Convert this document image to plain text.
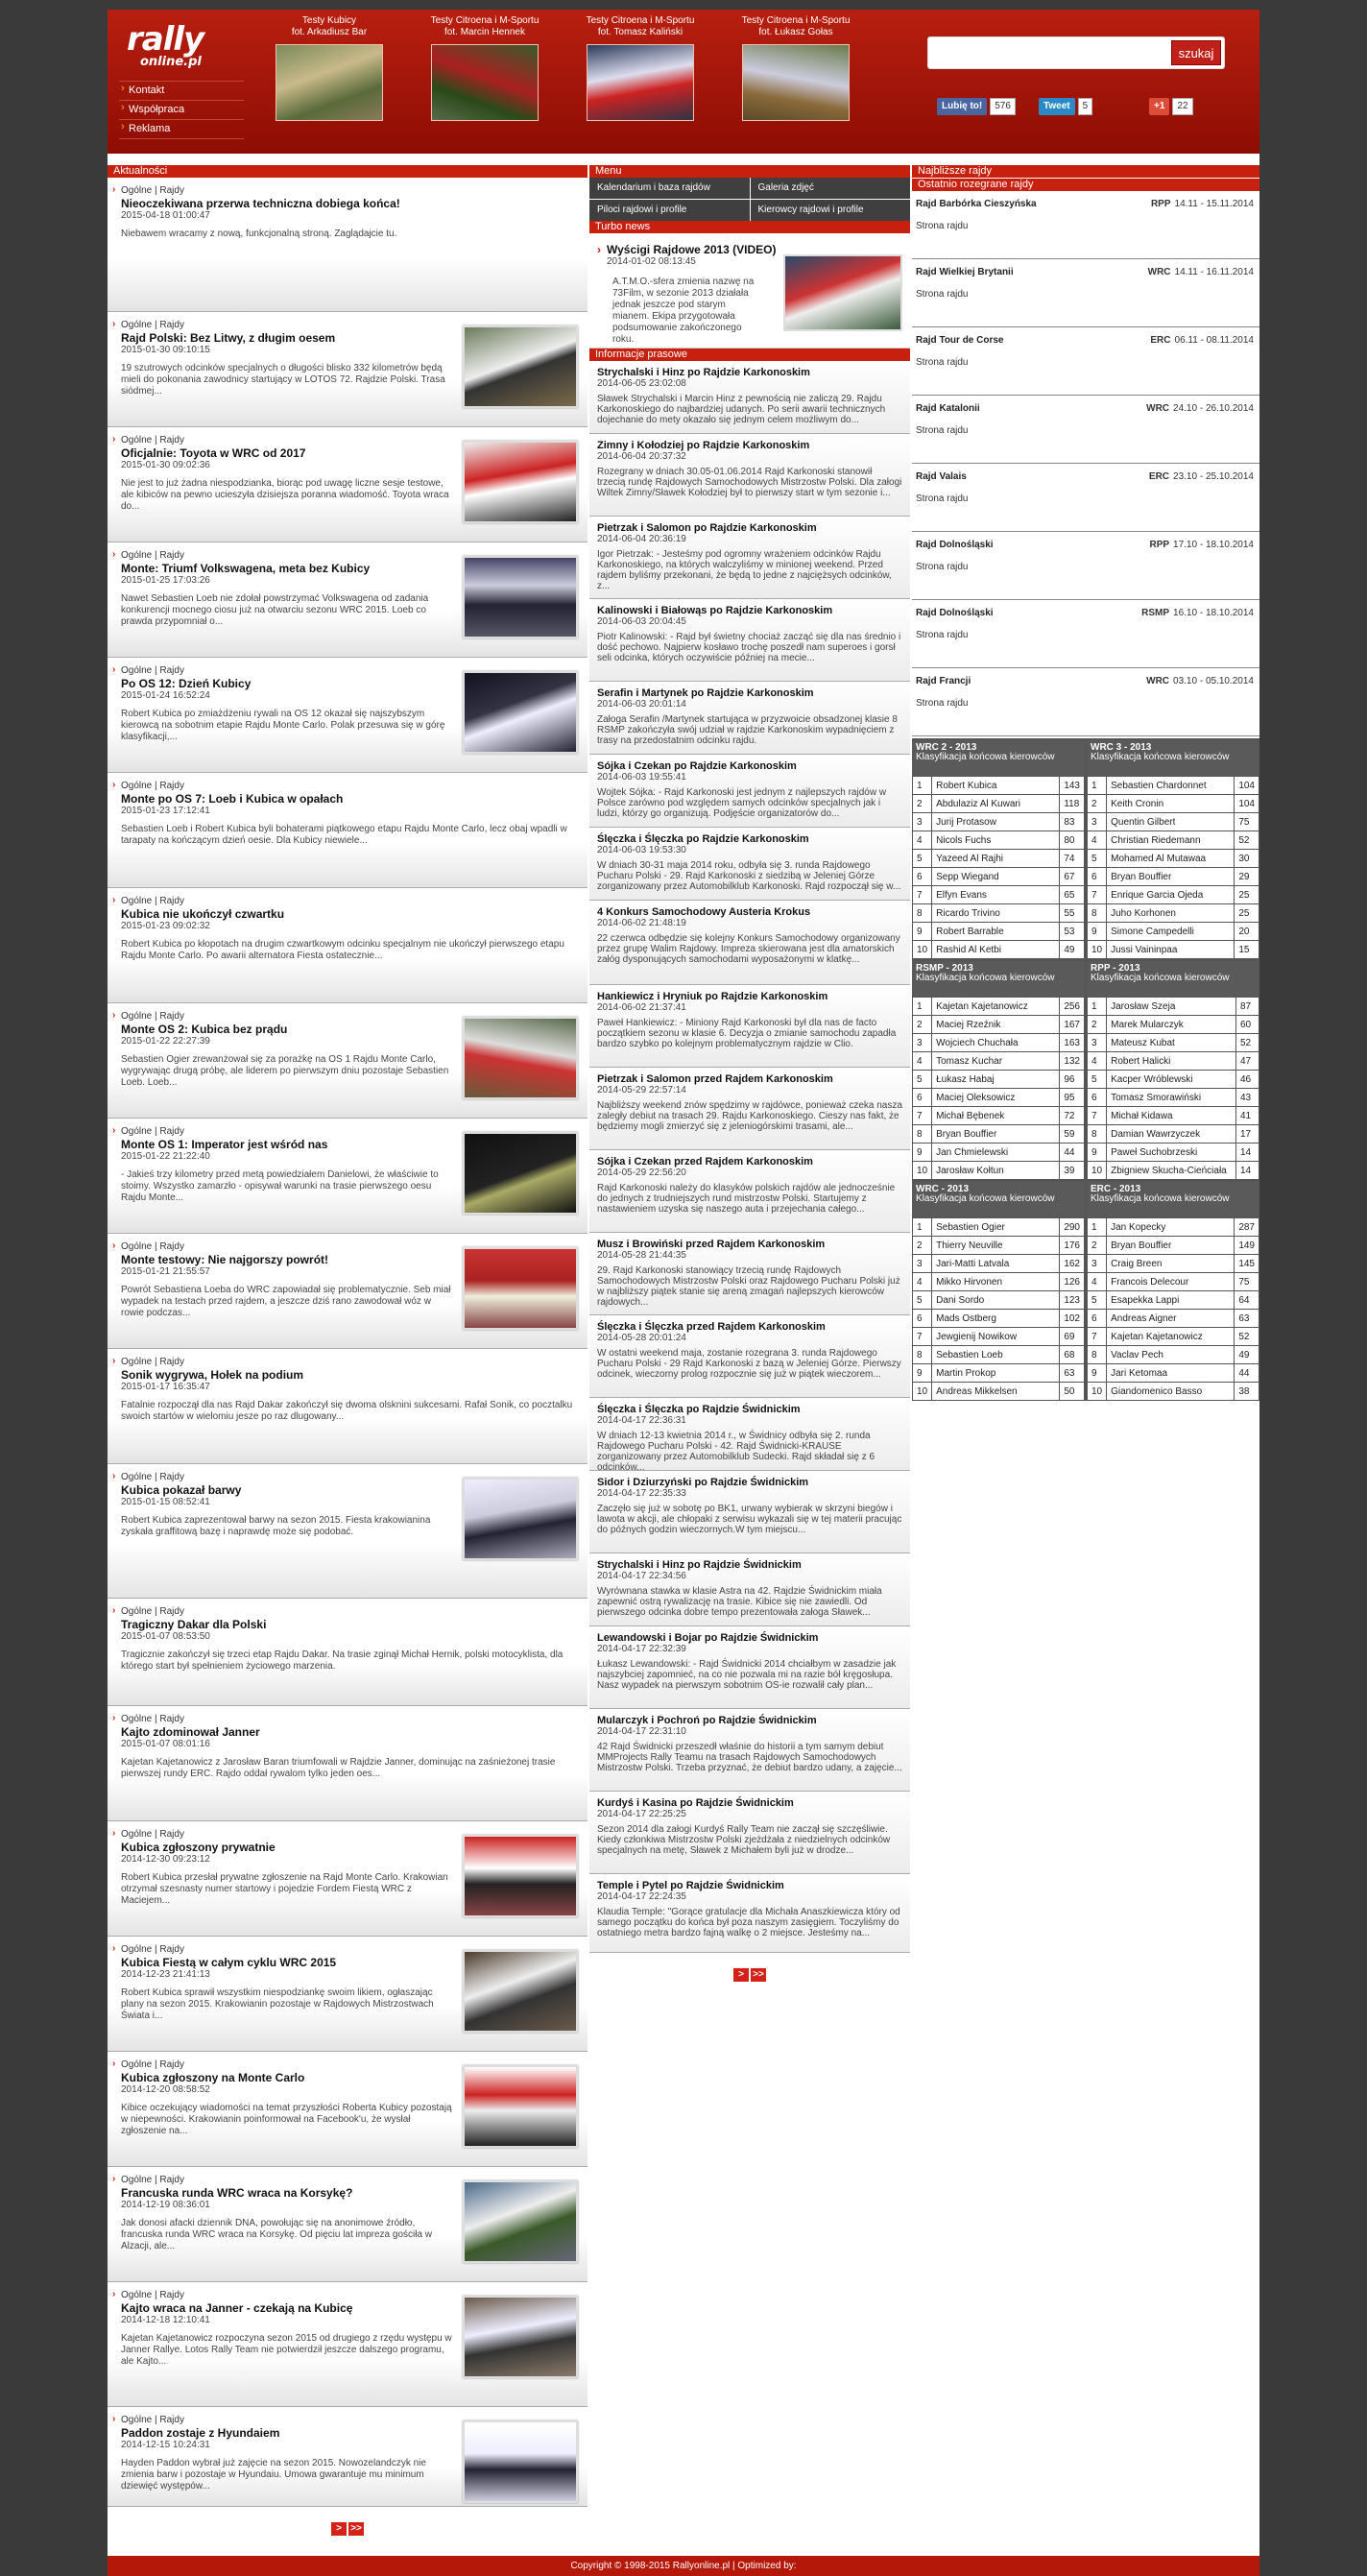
rally
online.pl
› Kontakt
› Współpraca
› Reklama
Testy Kubicy
fot. Arkadiusz Bar
Testy Citroena i M-Sportu
fot. Marcin Hennek
Testy Citroena i M-Sportu
fot. Tomasz Kaliński
Testy Citroena i M-Sportu
fot. Łukasz Gołas
szukaj
Lubię to! 576	Tweet 5	+1 22
Aktualności
› Ogólne | Rajdy
Nieoczekiwana przerwa techniczna dobiega końca!
2015-04-18 01:00:47
Niebawem wracamy z nową, funkcjonalną stroną. Zaglądajcie tu.
› Ogólne | Rajdy
Rajd Polski: Bez Litwy, z długim oesem
2015-01-30 09:10:15
19 szutrowych odcinków specjalnych o długości blisko 332 kilometrów będą mieli do pokonania zawodnicy startujący w LOTOS 72. Rajdzie Polski. Trasa siódmej...
› Ogólne | Rajdy
Oficjalnie: Toyota w WRC od 2017
2015-01-30 09:02:36
Nie jest to już żadna niespodzianka, biorąc pod uwagę liczne sesje testowe, ale kibiców na pewno ucieszyła dzisiejsza poranna wiadomość. Toyota wraca do...
› Ogólne | Rajdy
Monte: Triumf Volkswagena, meta bez Kubicy
2015-01-25 17:03:26
Nawet Sebastien Loeb nie zdołał powstrzymać Volkswagena od zadania konkurencji mocnego ciosu już na otwarciu sezonu WRC 2015. Loeb co prawda przypomniał o...
› Ogólne | Rajdy
Po OS 12: Dzień Kubicy
2015-01-24 16:52:24
Robert Kubica po zmiażdżeniu rywali na OS 12 okazał się najszybszym kierowcą na sobotnim etapie Rajdu Monte Carlo. Polak przesuwa się w górę klasyfikacji,...
› Ogólne | Rajdy
Monte po OS 7: Loeb i Kubica w opałach
2015-01-23 17:12:41
Sebastien Loeb i Robert Kubica byli bohaterami piątkowego etapu Rajdu Monte Carlo, lecz obaj wpadli w tarapaty na kończącym dzień oesie. Dla Kubicy niewiele...
› Ogólne | Rajdy
Kubica nie ukończył czwartku
2015-01-23 09:02:32
Robert Kubica po kłopotach na drugim czwartkowym odcinku specjalnym nie ukończył pierwszego etapu Rajdu Monte Carlo. Po awarii alternatora Fiesta ostatecznie...
› Ogólne | Rajdy
Monte OS 2: Kubica bez prądu
2015-01-22 22:27:39
Sebastien Ogier zrewanżował się za porażkę na OS 1 Rajdu Monte Carlo, wygrywając drugą próbę, ale liderem po pierwszym dniu pozostaje Sebastien Loeb. Loeb...
› Ogólne | Rajdy
Monte OS 1: Imperator jest wśród nas
2015-01-22 21:22:40
- Jakieś trzy kilometry przed metą powiedziałem Danielowi, że właściwie to stoimy. Wszystko zamarzło - opisywał warunki na trasie pierwszego oesu Rajdu Monte...
› Ogólne | Rajdy
Monte testowy: Nie najgorszy powrót!
2015-01-21 21:55:57
Powrót Sebastiena Loeba do WRC zapowiadał się problematycznie. Seb miał wypadek na testach przed rajdem, a jeszcze dziś rano zawodował wóz w rowie podczas...
› Ogólne | Rajdy
Sonik wygrywa, Hołek na podium
2015-01-17 16:35:47
Fatalnie rozpoczął dla nas Rajd Dakar zakończył się dwoma olsknini sukcesami. Rafał Sonik, co pocztalku swoich startów w wielomiu jesze po raz dlugowany...
› Ogólne | Rajdy
Kubica pokazał barwy
2015-01-15 08:52:41
Robert Kubica zaprezentował barwy na sezon 2015. Fiesta krakowianina zyskała graffitową bazę i naprawdę może się podobać.
› Ogólne | Rajdy
Tragiczny Dakar dla Polski
2015-01-07 08:53:50
Tragicznie zakończył się trzeci etap Rajdu Dakar. Na trasie zginął Michał Hernik, polski motocyklista, dla którego start był spełnieniem życiowego marzenia.
› Ogólne | Rajdy
Kajto zdominował Janner
2015-01-07 08:01:16
Kajetan Kajetanowicz z Jarosław Baran triumfowali w Rajdzie Janner, dominując na zaśnieżonej trasie pierwszej rundy ERC. Rajdo oddał rywalom tylko jeden oes...
› Ogólne | Rajdy
Kubica zgłoszony prywatnie
2014-12-30 09:23:12
Robert Kubica przesłał prywatne zgłoszenie na Rajd Monte Carlo. Krakowian otrzymał szesnasty numer startowy i pojedzie Fordem Fiestą WRC z Maciejem...
› Ogólne | Rajdy
Kubica Fiestą w całym cyklu WRC 2015
2014-12-23 21:41:13
Robert Kubica sprawił wszystkim niespodziankę swoim likiem, ogłaszając plany na sezon 2015. Krakowianin pozostaje w Rajdowych Mistrzostwach Świata i...
› Ogólne | Rajdy
Kubica zgłoszony na Monte Carlo
2014-12-20 08:58:52
Kibice oczekujący wiadomości na temat przyszłości Roberta Kubicy pozostają w niepewności. Krakowianin poinformował na Facebook'u, że wysłał zgłoszenie na...
› Ogólne | Rajdy
Francuska runda WRC wraca na Korsykę?
2014-12-19 08:36:01
Jak donosi afacki dziennik DNA, powołując się na anonimowe źródło, francuska runda WRC wraca na Korsykę. Od pięciu lat impreza gościła w Alzacji, ale...
› Ogólne | Rajdy
Kajto wraca na Janner - czekają na Kubicę
2014-12-18 12:10:41
Kajetan Kajetanowicz rozpoczyna sezon 2015 od drugiego z rzędu występu w Janner Rallye. Lotos Rally Team nie potwierdził jeszcze dalszego programu, ale Kajto...
› Ogólne | Rajdy
Paddon zostaje z Hyundaiem
2014-12-15 10:24:31
Hayden Paddon wybrał już zajęcie na sezon 2015. Nowozelandczyk nie zmienia barw i pozostaje w Hyundaiu. Umowa gwarantuje mu minimum dziewięć występów...
> >>
Menu
Kalendarium i baza rajdów	Galeria zdjęć
Piloci rajdowi i profile	Kierowcy rajdowi i profile
Turbo news
› Wyścigi Rajdowe 2013 (VIDEO)
2014-01-02 08:13:45
A.T.M.O.-sfera zmienia nazwę na 73Film, w sezonie 2013 działała jednak jeszcze pod starym mianem. Ekipa przygotowała podsumowanie zakończonego roku.
Informacje prasowe
Strychalski i Hinz po Rajdzie Karkonoskim
2014-06-05 23:02:08
Sławek Strychalski i Marcin Hinz z pewnością nie zaliczą 29. Rajdu Karkonoskiego do najbardziej udanych. Po serii awarii technicznych dojechanie do mety okazało się jednym celem możliwym do...
Zimny i Kołodziej po Rajdzie Karkonoskim
2014-06-04 20:37:32
Rozegrany w dniach 30.05-01.06.2014 Rajd Karkonoski stanowił trzecią rundę Rajdowych Samochodowych Mistrzostw Polski. Dla załogi Wiltek Zimny/Sławek Kołodziej był to pierwszy start w tym sezonie i...
Pietrzak i Salomon po Rajdzie Karkonoskim
2014-06-04 20:36:19
Igor Pietrzak: - Jesteśmy pod ogromny wrażeniem odcinków Rajdu Karkonoskiego, na których walczyliśmy w minionej weekend. Przed rajdem byliśmy przekonani, że będą to jedne z najciężsych odcinków, z...
Kalinowski i Białowąs po Rajdzie Karkonoskim
2014-06-03 20:04:45
Piotr Kalinowski: - Rajd był świetny chociaż zacząć się dla nas średnio i dość pechowo. Najpierw kosławo trochę poszedł nam superoes i gorsł seli odcinka, których oczywiście później na mecie...
Serafin i Martynek po Rajdzie Karkonoskim
2014-06-03 20:01:14
Załoga Serafin /Martynek startująca w przyzwoicie obsadzonej klasie 8 RSMP zakończyła swój udział w rajdzie Karkonoskim wypadnięciem z trasy na przedostatnim odcinku rajdu.
Sójka i Czekan po Rajdzie Karkonoskim
2014-06-03 19:55:41
Wojtek Sójka: - Rajd Karkonoski jest jednym z najlepszych rajdów w Polsce zarówno pod względem samych odcinków specjalnych jak i ludzi, którzy go organizują. Podjęście organizatorów do...
Ślęczka i Ślęczka po Rajdzie Karkonoskim
2014-06-03 19:53:30
W dniach 30-31 maja 2014 roku, odbyła się 3. runda Rajdowego Pucharu Polski - 29. Rajd Karkonoski z siedzibą w Jeleniej Górze zorganizowany przez Automobilklub Karkonoski. Rajd rozpoczął się w...
4 Konkurs Samochodowy Austeria Krokus
2014-06-02 21:48:19
22 czerwca odbędzie się kolejny Konkurs Samochodowy organizowany przez grupę Walim Rajdowy. Impreza skierowana jest dla amatorskich załóg dysponujących samochodami wyposażonymi w klatkę...
Hankiewicz i Hryniuk po Rajdzie Karkonoskim
2014-06-02 21:37:41
Paweł Hankiewicz: - Miniony Rajd Karkonoski był dla nas de facto początkiem sezonu w klasie 6. Decyzja o zmianie samochodu zapadła bardzo szybko po kolejnym problematycznym rajdzie w Clio.
Pietrzak i Salomon przed Rajdem Karkonoskim
2014-05-29 22:57:14
Najbliższy weekend znów spędzimy w rajdówce, ponieważ czeka nasza zaległy debiut na trasach 29. Rajdu Karkonoskiego. Cieszy nas fakt, że będziemy mogli zmierzyć się z jeleniogórskimi trasami, ale...
Sójka i Czekan przed Rajdem Karkonoskim
2014-05-29 22:56:20
Rajd Karkonoski należy do klasyków polskich rajdów ale jednocześnie do jednych z trudniejszych rund mistrzostw Polski. Startujemy z nastawieniem uzyska się naszego auta i przejechania całego...
Musz i Browiński przed Rajdem Karkonoskim
2014-05-28 21:44:35
29. Rajd Karkonoski stanowiący trzecią rundę Rajdowych Samochodowych Mistrzostw Polski oraz Rajdowego Pucharu Polski już w najbliższy piątek stanie się areną zmagań najlepszych kierowców rajdowych...
Ślęczka i Ślęczka przed Rajdem Karkonoskim
2014-05-28 20:01:24
W ostatni weekend maja, zostanie rozegrana 3. runda Rajdowego Pucharu Polski - 29 Rajd Karkonoski z bazą w Jeleniej Górze. Pierwszy odcinek, wieczorny prolog rozpocznie się już w piątek wieczorem...
Ślęczka i Ślęczka po Rajdzie Świdnickim
2014-04-17 22:36:31
W dniach 12-13 kwietnia 2014 r., w Świdnicy odbyła się 2. runda Rajdowego Pucharu Polski - 42. Rajd Świdnicki-KRAUSE zorganizowany przez Automobilklub Sudecki. Rajd składał się z 6 odcinków...
Sidor i Dziurzyński po Rajdzie Świdnickim
2014-04-17 22:35:33
Zaczęło się już w sobotę po BK1, urwany wybierak w skrzyni biegów i lawota w akcji, ale chłopaki z serwisu wykazali się w tej materii pracując do późnych godzin wieczornych.W tym miejscu...
Strychalski i Hinz po Rajdzie Świdnickim
2014-04-17 22:34:56
Wyrównana stawka w klasie Astra na 42. Rajdzie Świdnickim miała zapewnić ostrą rywalizację na trasie. Kibice się nie zawiedli. Od pierwszego odcinka dobre tempo prezentowała załoga Sławek...
Lewandowski i Bojar po Rajdzie Świdnickim
2014-04-17 22:32:39
Łukasz Lewandowski: - Rajd Świdnicki 2014 chciałbym w zasadzie jak najszybciej zapomnieć, na co nie pozwala mi na razie bół kręgosłupa. Nasz wypadek na pierwszym sobotnim OS-ie rozwalił cały plan...
Mularczyk i Pochroń po Rajdzie Świdnickim
2014-04-17 22:31:10
42 Rajd Świdnicki przeszedł właśnie do historii a tym samym debiut MMProjects Rally Teamu na trasach Rajdowych Samochodowych Mistrzostw Polski. Trzeba przyznać, że debiut bardzo udany, a zajęcie...
Kurdyś i Kasina po Rajdzie Świdnickim
2014-04-17 22:25:25
Sezon 2014 dla załogi Kurdyś Rally Team nie zaczął się szczęśliwie. Kiedy członkiwa Mistrzostw Polski zjeżdżała z niedzielnych odcinków specjalnych na metę, Sławek z Michałem byli już w drodze...
Temple i Pytel po Rajdzie Świdnickim
2014-04-17 22:24:35
Klaudia Temple: "Gorące gratulacje dla Michała Anaszkiewicza który od samego początku do końca był poza naszym zasięgiem. Toczyliśmy do ostatniego metra bardzo fajną walkę o 2 miejsce. Jesteśmy na...
> >>
Najbliższe rajdy
Ostatnio rozegrane rajdy
Rajd Barbórka Cieszyńska	RPP 14.11 - 15.11.2014
Strona rajdu
Rajd Wielkiej Brytanii	WRC 14.11 - 16.11.2014
Strona rajdu
Rajd Tour de Corse	ERC 06.11 - 08.11.2014
Strona rajdu
Rajd Katalonii	WRC 24.10 - 26.10.2014
Strona rajdu
Rajd Valais	ERC 23.10 - 25.10.2014
Strona rajdu
Rajd Dolnośląski	RPP 17.10 - 18.10.2014
Strona rajdu
Rajd Dolnośląski	RSMP 16.10 - 18.10.2014
Strona rajdu
Rajd Francji	WRC 03.10 - 05.10.2014
Strona rajdu
WRC 2 - 2013
Klasyfikacja końcowa kierowców
1	Robert Kubica	143
2	Abdulaziz Al Kuwari	118
3	Jurij Protasow	83
4	Nicols Fuchs	80
5	Yazeed Al Rajhi	74
6	Sepp Wiegand	67
7	Elfyn Evans	65
8	Ricardo Trivino	55
9	Robert Barrable	53
10	Rashid Al Ketbi	49
WRC 3 - 2013
Klasyfikacja końcowa kierowców
1	Sebastien Chardonnet	104
2	Keith Cronin	104
3	Quentin Gilbert	75
4	Christian Riedemann	52
5	Mohamed Al Mutawaa	30
6	Bryan Bouffier	29
7	Enrique Garcia Ojeda	25
8	Juho Korhonen	25
9	Simone Campedelli	20
10	Jussi Vaininpaa	15
RSMP - 2013
Klasyfikacja końcowa kierowców
1	Kajetan Kajetanowicz	256
2	Maciej Rzeźnik	167
3	Wojciech Chuchała	163
4	Tomasz Kuchar	132
5	Łukasz Habaj	96
6	Maciej Oleksowicz	95
7	Michał Bębenek	72
8	Bryan Bouffier	59
9	Jan Chmielewski	44
10	Jarosław Kołtun	39
RPP - 2013
Klasyfikacja końcowa kierowców
1	Jarosław Szeja	87
2	Marek Mularczyk	60
3	Mateusz Kubat	52
4	Robert Halicki	47
5	Kacper Wróblewski	46
6	Tomasz Smorawiński	43
7	Michał Kidawa	41
8	Damian Wawrzyczek	17
9	Paweł Suchobrzeski	14
10	Zbigniew Skucha-Cieńciała	14
WRC - 2013
Klasyfikacja końcowa kierowców
1	Sebastien Ogier	290
2	Thierry Neuville	176
3	Jari-Matti Latvala	162
4	Mikko Hirvonen	126
5	Dani Sordo	123
6	Mads Ostberg	102
7	Jewgienij Nowikow	69
8	Sebastien Loeb	68
9	Martin Prokop	63
10	Andreas Mikkelsen	50
ERC - 2013
Klasyfikacja końcowa kierowców
1	Jan Kopecky	287
2	Bryan Bouffier	149
3	Craig Breen	145
4	Francois Delecour	75
5	Esapekka Lappi	64
6	Andreas Aigner	63
7	Kajetan Kajetanowicz	52
8	Vaclav Pech	49
9	Jari Ketomaa	44
10	Giandomenico Basso	38
Copyright © 1998-2015 Rallyonline.pl | Optimized by:
